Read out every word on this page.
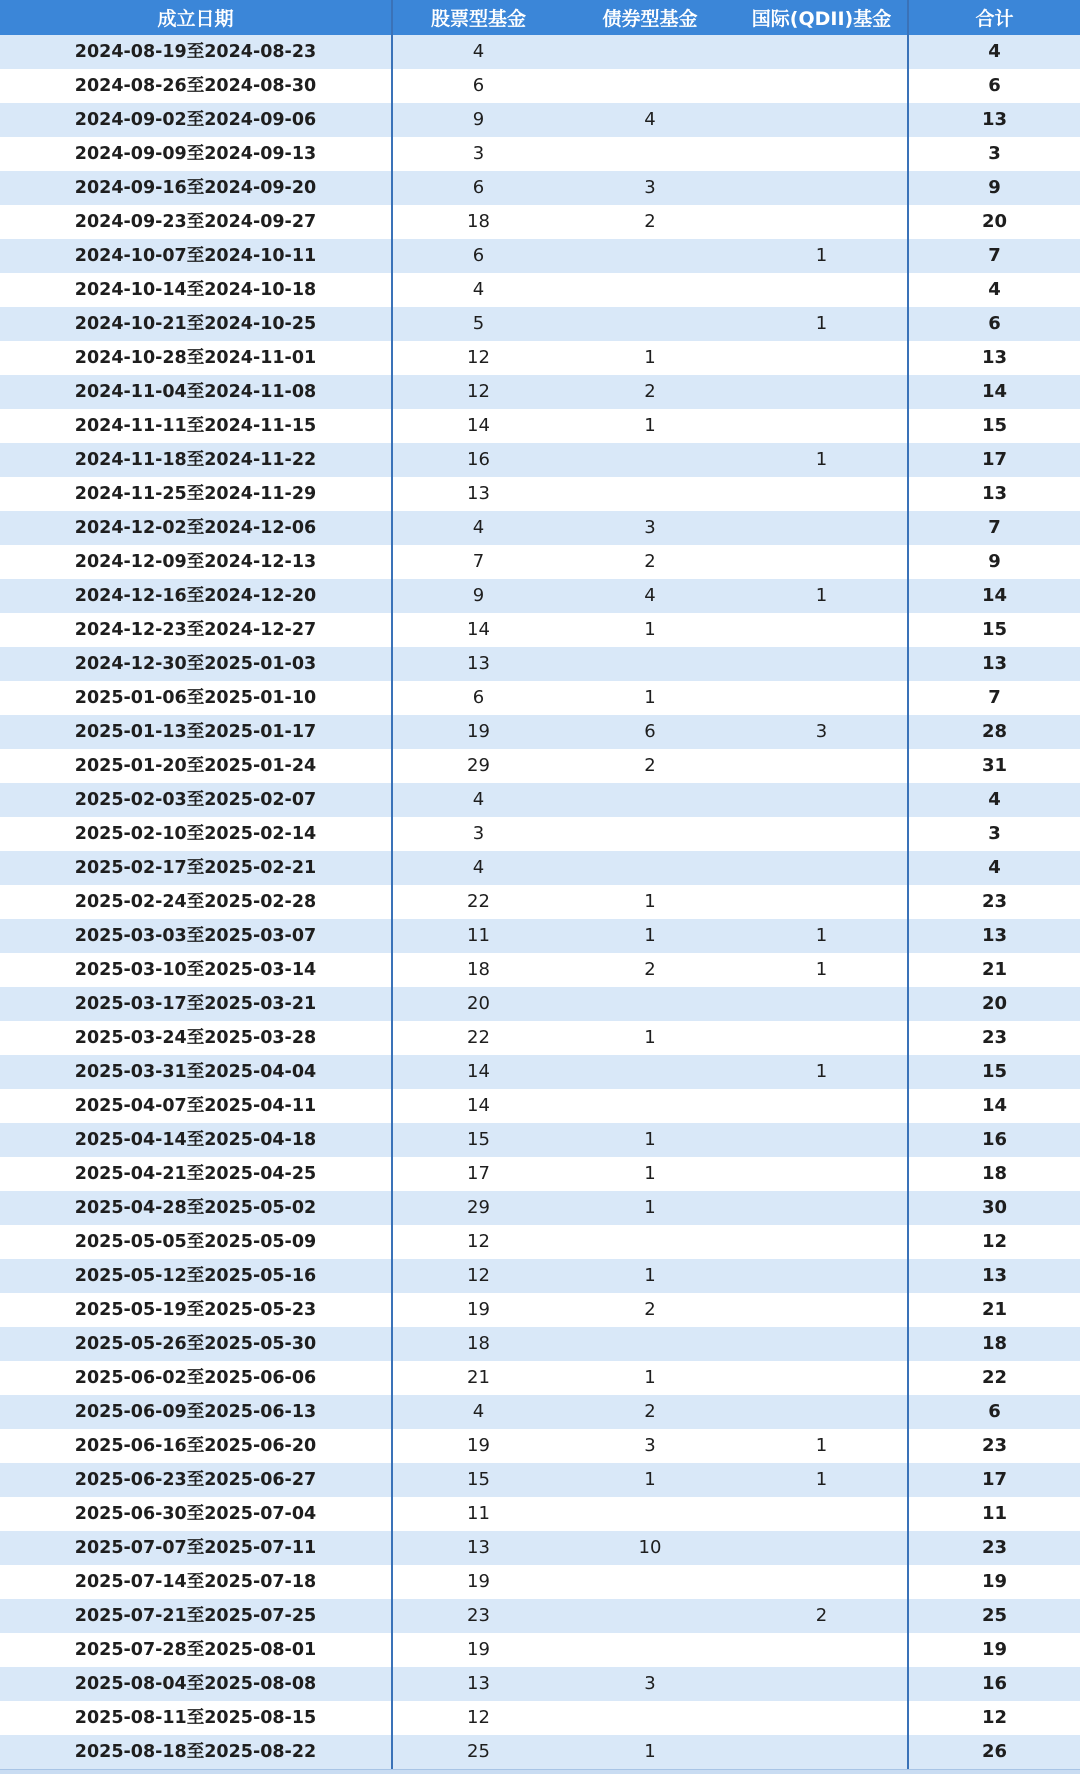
成立日期	股票型基金	债券型基金	国际(QDII)基金	合计
2024-08-19至2024-08-23	4			4
2024-08-26至2024-08-30	6			6
2024-09-02至2024-09-06	9	4		13
2024-09-09至2024-09-13	3			3
2024-09-16至2024-09-20	6	3		9
2024-09-23至2024-09-27	18	2		20
2024-10-07至2024-10-11	6		1	7
2024-10-14至2024-10-18	4			4
2024-10-21至2024-10-25	5		1	6
2024-10-28至2024-11-01	12	1		13
2024-11-04至2024-11-08	12	2		14
2024-11-11至2024-11-15	14	1		15
2024-11-18至2024-11-22	16		1	17
2024-11-25至2024-11-29	13			13
2024-12-02至2024-12-06	4	3		7
2024-12-09至2024-12-13	7	2		9
2024-12-16至2024-12-20	9	4	1	14
2024-12-23至2024-12-27	14	1		15
2024-12-30至2025-01-03	13			13
2025-01-06至2025-01-10	6	1		7
2025-01-13至2025-01-17	19	6	3	28
2025-01-20至2025-01-24	29	2		31
2025-02-03至2025-02-07	4			4
2025-02-10至2025-02-14	3			3
2025-02-17至2025-02-21	4			4
2025-02-24至2025-02-28	22	1		23
2025-03-03至2025-03-07	11	1	1	13
2025-03-10至2025-03-14	18	2	1	21
2025-03-17至2025-03-21	20			20
2025-03-24至2025-03-28	22	1		23
2025-03-31至2025-04-04	14		1	15
2025-04-07至2025-04-11	14			14
2025-04-14至2025-04-18	15	1		16
2025-04-21至2025-04-25	17	1		18
2025-04-28至2025-05-02	29	1		30
2025-05-05至2025-05-09	12			12
2025-05-12至2025-05-16	12	1		13
2025-05-19至2025-05-23	19	2		21
2025-05-26至2025-05-30	18			18
2025-06-02至2025-06-06	21	1		22
2025-06-09至2025-06-13	4	2		6
2025-06-16至2025-06-20	19	3	1	23
2025-06-23至2025-06-27	15	1	1	17
2025-06-30至2025-07-04	11			11
2025-07-07至2025-07-11	13	10		23
2025-07-14至2025-07-18	19			19
2025-07-21至2025-07-25	23		2	25
2025-07-28至2025-08-01	19			19
2025-08-04至2025-08-08	13	3		16
2025-08-11至2025-08-15	12			12
2025-08-18至2025-08-22	25	1		26
